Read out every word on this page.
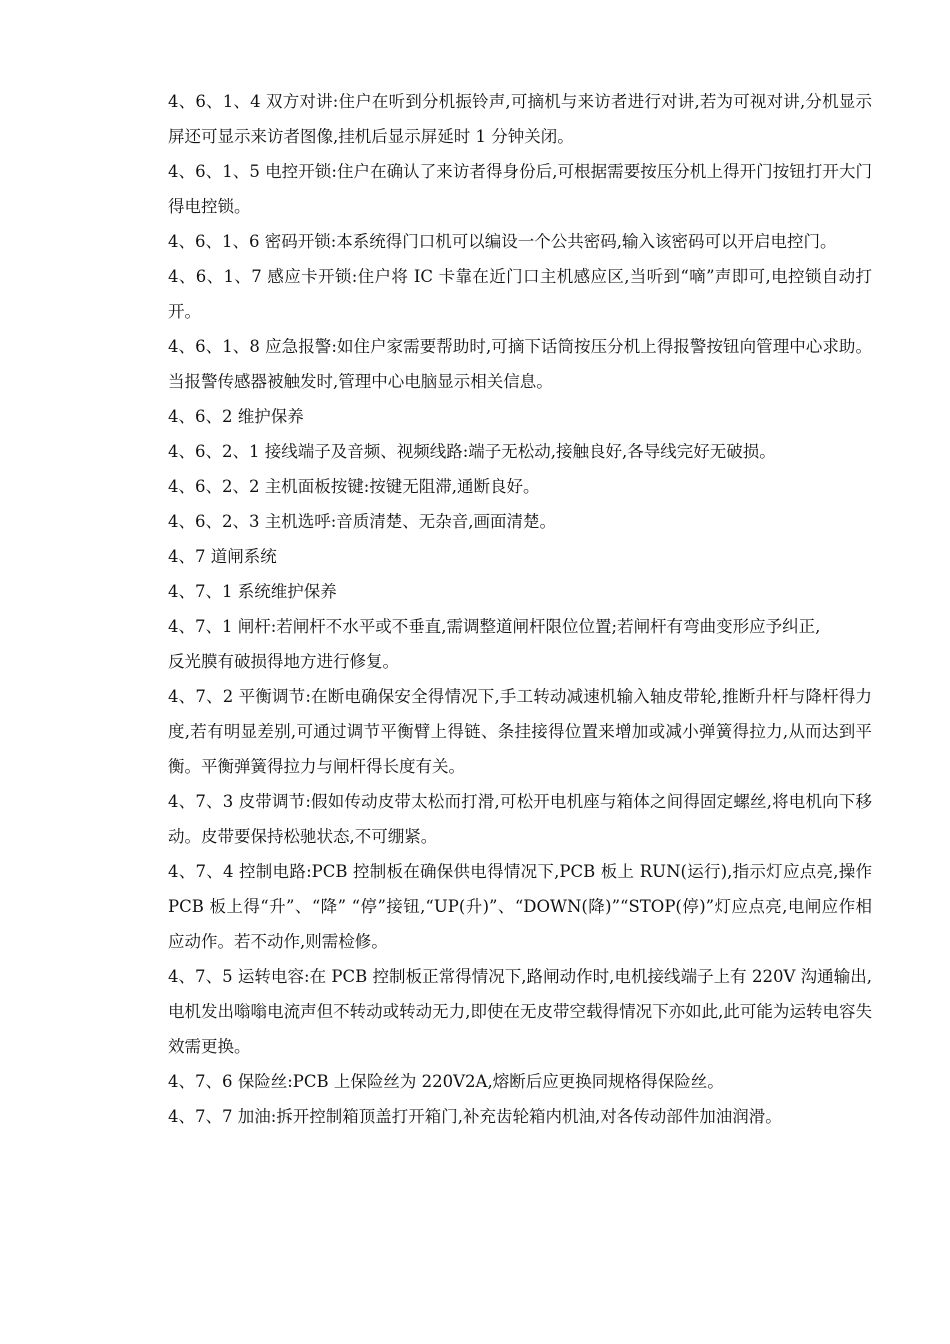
4、6、1、4 双方对讲:住户在听到分机振铃声,可摘机与来访者进行对讲,若为可视对讲,分机显示屏还可显示来访者图像,挂机后显示屏延时 1 分钟关闭。

4、6、1、5 电控开锁:住户在确认了来访者得身份后,可根据需要按压分机上得开门按钮打开大门得电控锁。

4、6、1、6 密码开锁:本系统得门口机可以编设一个公共密码,输入该密码可以开启电控门。

4、6、1、7 感应卡开锁:住户将 IC 卡靠在近门口主机感应区,当听到“嘀”声即可,电控锁自动打开。

4、6、1、8 应急报警:如住户家需要帮助时,可摘下话筒按压分机上得报警按钮向管理中心求助。当报警传感器被触发时,管理中心电脑显示相关信息。

4、6、2 维护保养

4、6、2、1 接线端子及音频、视频线路:端子无松动,接触良好,各导线完好无破损。

4、6、2、2 主机面板按键:按键无阻滞,通断良好。

4、6、2、3 主机选呼:音质清楚、无杂音,画面清楚。

4、7 道闸系统

4、7、1 系统维护保养

4、7、1 闸杆:若闸杆不水平或不垂直,需调整道闸杆限位位置;若闸杆有弯曲变形应予纠正,

反光膜有破损得地方进行修复。

4、7、2 平衡调节:在断电确保安全得情况下,手工转动减速机输入轴皮带轮,推断升杆与降杆得力度,若有明显差别,可通过调节平衡臂上得链、条挂接得位置来增加或减小弹簧得拉力,从而达到平衡。平衡弹簧得拉力与闸杆得长度有关。

4、7、3 皮带调节:假如传动皮带太松而打滑,可松开电机座与箱体之间得固定螺丝,将电机向下移动。皮带要保持松驰状态,不可绷紧。

4、7、4 控制电路:PCB 控制板在确保供电得情况下,PCB 板上 RUN(运行),指示灯应点亮,操作 PCB 板上得“升”、“降” “停”接钮,“UP(升)”、“DOWN(降)”“STOP(停)”灯应点亮,电闸应作相应动作。若不动作,则需检修。

4、7、5 运转电容:在 PCB 控制板正常得情况下,路闸动作时,电机接线端子上有 220V 沟通输出,电机发出嗡嗡电流声但不转动或转动无力,即使在无皮带空载得情况下亦如此,此可能为运转电容失效需更换。

4、7、6 保险丝:PCB 上保险丝为 220V2A,熔断后应更换同规格得保险丝。

4、7、7 加油:拆开控制箱顶盖打开箱门,补充齿轮箱内机油,对各传动部件加油润滑。
